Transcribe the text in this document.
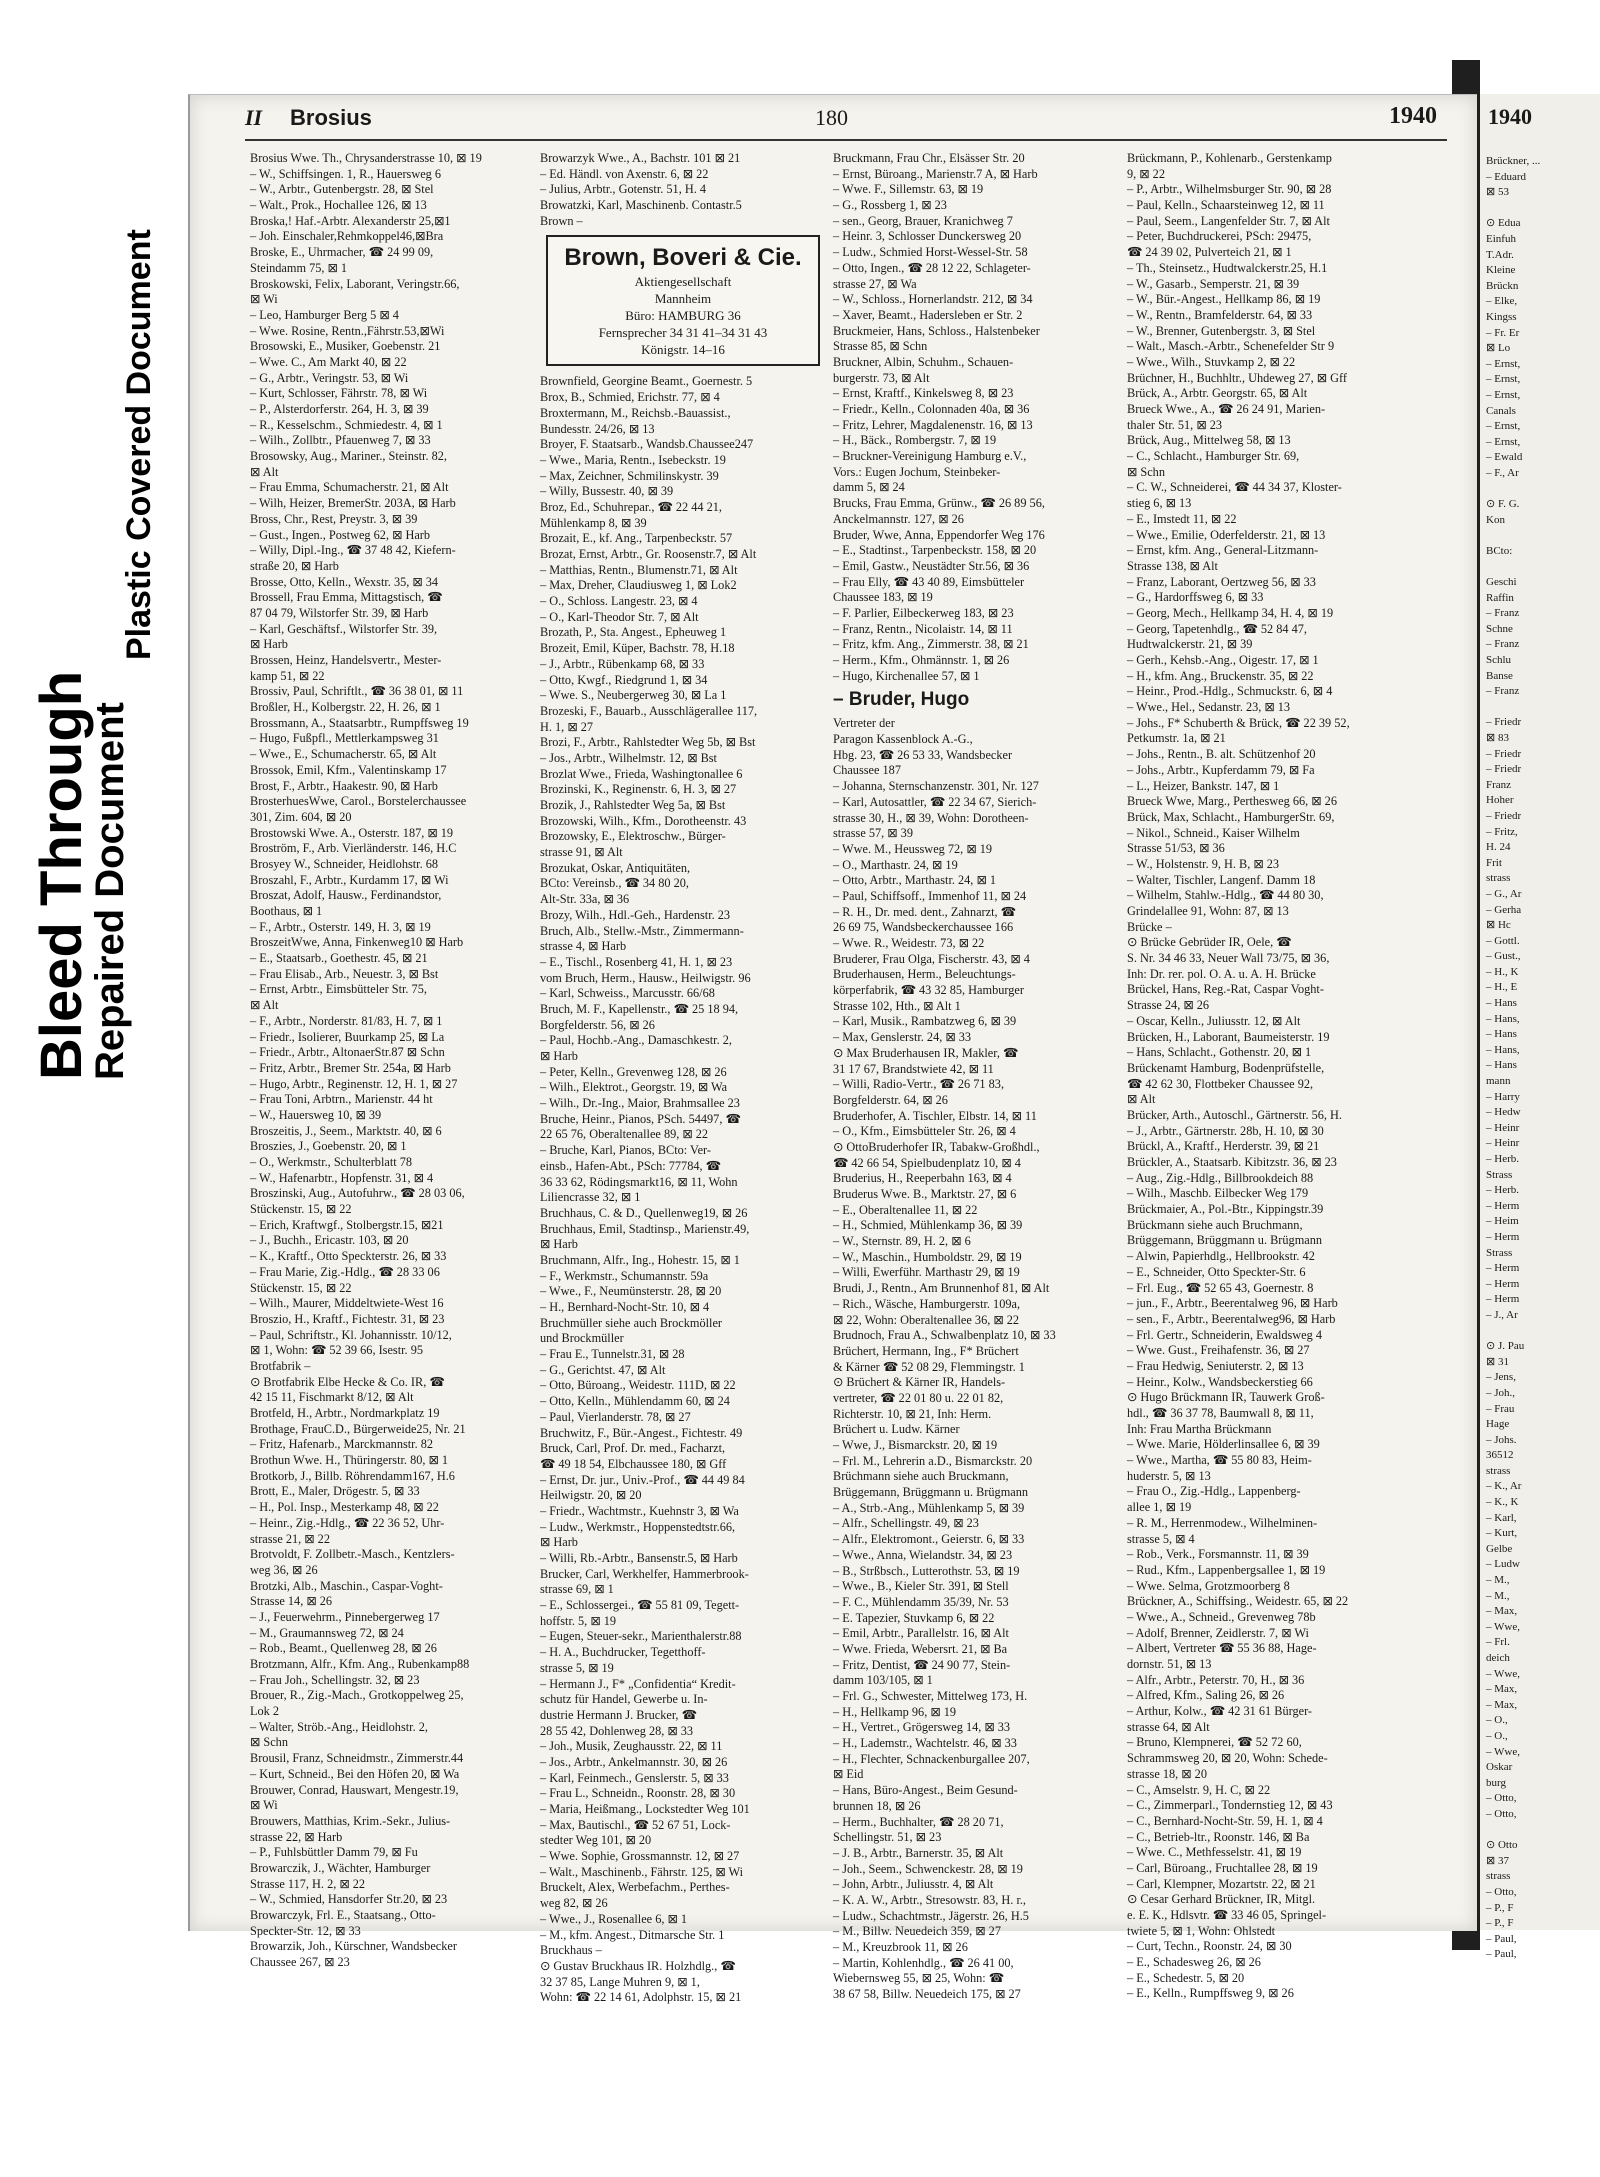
Bleed Through
Repaired Document
Plastic Covered Document
1940
Brückner, ...
– Eduard
⊠ 53
⊙ Edua
Einfuh
T.Adr.
Kleine
Brückn
– Elke,
Kingss
– Fr. Er
⊠ Lo
– Ernst,
– Ernst,
– Ernst,
Canals
– Ernst,
– Ernst,
– Ewald
– F., Ar
⊙ F. G.
Kon
BCto:
Geschi
Raffin
– Franz
Schne
– Franz
Schlu
Banse
– Franz
– Friedr
⊠ 83
– Friedr
– Friedr
Franz
Hoher
– Friedr
– Fritz,
H. 24
Frit
strass
– G., Ar
– Gerha
⊠ Hc
– Gottl.
– Gust.,
– H., K
– H., E
– Hans
– Hans,
– Hans
– Hans,
– Hans
mann
– Harry
– Hedw
– Heinr
– Heinr
– Herb.
Strass
– Herb.
– Herm
– Heim
– Herm
Strass
– Herm
– Herm
– Herm
– J., Ar
⊙ J. Pau
⊠ 31
– Jens,
– Joh.,
– Frau
Hage
– Johs.
36512
strass
– K., Ar
– K., K
– Karl,
– Kurt,
Gelbe
– Ludw
– M.,
– M.,
– Max,
– Wwe,
– Frl.
deich
– Wwe,
– Max,
– Max,
– O.,
– O.,
– Wwe,
Oskar
burg
– Otto,
– Otto,
⊙ Otto
⊠ 37
strass
– Otto,
– P., F
– P., F
– Paul,
– Paul,
II Brosius	180	1940
Brosius Wwe. Th., Chrysanderstrasse 10, ⊠ 19
– W., Schiffsingen. 1, R., Hauersweg 6
– W., Arbtr., Gutenbergstr. 28, ⊠ Stel
– Walt., Prok., Hochallee 126, ⊠ 13
Broska,! Haf.-Arbtr. Alexanderstr 25,⊠1
– Joh. Einschaler,Rehmkoppel46,⊠Bra
Broske, E., Uhrmacher, ☎ 24 99 09,
Steindamm 75, ⊠ 1
Broskowski, Felix, Laborant, Veringstr.66,
⊠ Wi
– Leo, Hamburger Berg 5 ⊠ 4
– Wwe. Rosine, Rentn.,Fährstr.53,⊠Wi
Brosowski, E., Musiker, Goebenstr. 21
– Wwe. C., Am Markt 40, ⊠ 22
– G., Arbtr., Veringstr. 53, ⊠ Wi
– Kurt, Schlosser, Fährstr. 78, ⊠ Wi
– P., Alsterdorferstr. 264, H. 3, ⊠ 39
– R., Kesselschm., Schmiedestr. 4, ⊠ 1
– Wilh., Zollbtr., Pfauenweg 7, ⊠ 33
Brosowsky, Aug., Mariner., Steinstr. 82,
⊠ Alt
– Frau Emma, Schumacherstr. 21, ⊠ Alt
– Wilh, Heizer, BremerStr. 203A, ⊠ Harb
Bross, Chr., Rest, Preystr. 3, ⊠ 39
– Gust., Ingen., Postweg 62, ⊠ Harb
– Willy, Dipl.-Ing., ☎ 37 48 42, Kiefern-
straße 20, ⊠ Harb
Brosse, Otto, Kelln., Wexstr. 35, ⊠ 34
Brossell, Frau Emma, Mittagstisch, ☎
87 04 79, Wilstorfer Str. 39, ⊠ Harb
– Karl, Geschäftsf., Wilstorfer Str. 39,
⊠ Harb
Brossen, Heinz, Handelsvertr., Mester-
kamp 51, ⊠ 22
Brossiv, Paul, Schriftlt., ☎ 36 38 01, ⊠ 11
Broßler, H., Kolbergstr. 22, H. 26, ⊠ 1
Brossmann, A., Staatsarbtr., Rumpffsweg 19
– Hugo, Fußpfl., Mettlerkampsweg 31
– Wwe., E., Schumacherstr. 65, ⊠ Alt
Brossok, Emil, Kfm., Valentinskamp 17
Brost, F., Arbtr., Haakestr. 90, ⊠ Harb
BrosterhuesWwe, Carol., Borstelerchaussee
301, Zim. 604, ⊠ 20
Brostowski Wwe. A., Osterstr. 187, ⊠ 19
Broström, F., Arb. Vierländerstr. 146, H.C
Brosyey W., Schneider, Heidlohstr. 68
Broszahl, F., Arbtr., Kurdamm 17, ⊠ Wi
Broszat, Adolf, Hausw., Ferdinandstor,
Boothaus, ⊠ 1
– F., Arbtr., Osterstr. 149, H. 3, ⊠ 19
BroszeitWwe, Anna, Finkenweg10 ⊠ Harb
– E., Staatsarb., Goethestr. 45, ⊠ 21
– Frau Elisab., Arb., Neuestr. 3, ⊠ Bst
– Ernst, Arbtr., Eimsbütteler Str. 75,
⊠ Alt
– F., Arbtr., Norderstr. 81/83, H. 7, ⊠ 1
– Friedr., Isolierer, Buurkamp 25, ⊠ La
– Friedr., Arbtr., AltonaerStr.87 ⊠ Schn
– Fritz, Arbtr., Bremer Str. 254a, ⊠ Harb
– Hugo, Arbtr., Reginenstr. 12, H. 1, ⊠ 27
– Frau Toni, Arbtrn., Marienstr. 44 ht
– W., Hauersweg 10, ⊠ 39
Broszeitis, J., Seem., Marktstr. 40, ⊠ 6
Broszies, J., Goebenstr. 20, ⊠ 1
– O., Werkmstr., Schulterblatt 78
– W., Hafenarbtr., Hopfenstr. 31, ⊠ 4
Broszinski, Aug., Autofuhrw., ☎ 28 03 06,
Stückenstr. 15, ⊠ 22
– Erich, Kraftwgf., Stolbergstr.15, ⊠21
– J., Buchh., Ericastr. 103, ⊠ 20
– K., Kraftf., Otto Speckterstr. 26, ⊠ 33
– Frau Marie, Zig.-Hdlg., ☎ 28 33 06
Stückenstr. 15, ⊠ 22
– Wilh., Maurer, Middeltwiete-West 16
Broszio, H., Kraftf., Fichtestr. 31, ⊠ 23
– Paul, Schriftstr., Kl. Johannisstr. 10/12,
⊠ 1, Wohn: ☎ 52 39 66, Isestr. 95
Brotfabrik –
⊙ Brotfabrik Elbe Hecke & Co. IR, ☎
42 15 11, Fischmarkt 8/12, ⊠ Alt
Brotfeld, H., Arbtr., Nordmarkplatz 19
Brothage, FrauC.D., Bürgerweide25, Nr. 21
– Fritz, Hafenarb., Marckmannstr. 82
Brothun Wwe. H., Thüringerstr. 80, ⊠ 1
Brotkorb, J., Billb. Röhrendamm167, H.6
Brott, E., Maler, Drögestr. 5, ⊠ 33
– H., Pol. Insp., Mesterkamp 48, ⊠ 22
– Heinr., Zig.-Hdlg., ☎ 22 36 52, Uhr-
strasse 21, ⊠ 22
Brotvoldt, F. Zollbetr.-Masch., Kentzlers-
weg 36, ⊠ 26
Brotzki, Alb., Maschin., Caspar-Voght-
Strasse 14, ⊠ 26
– J., Feuerwehrm., Pinnebergerweg 17
– M., Graumannsweg 72, ⊠ 24
– Rob., Beamt., Quellenweg 28, ⊠ 26
Brotzmann, Alfr., Kfm. Ang., Rubenkamp88
– Frau Joh., Schellingstr. 32, ⊠ 23
Brouer, R., Zig.-Mach., Grotkoppelweg 25,
Lok 2
– Walter, Ströb.-Ang., Heidlohstr. 2,
⊠ Schn
Brousil, Franz, Schneidmstr., Zimmerstr.44
– Kurt, Schneid., Bei den Höfen 20, ⊠ Wa
Brouwer, Conrad, Hauswart, Mengestr.19,
⊠ Wi
Brouwers, Matthias, Krim.-Sekr., Julius-
strasse 22, ⊠ Harb
– P., Fuhlsbüttler Damm 79, ⊠ Fu
Browarczik, J., Wächter, Hamburger
Strasse 117, H. 2, ⊠ 22
– W., Schmied, Hansdorfer Str.20, ⊠ 23
Browarczyk, Frl. E., Staatsang., Otto-
Speckter-Str. 12, ⊠ 33
Browarzik, Joh., Kürschner, Wandsbecker
Chaussee 267, ⊠ 23
Browarzyk Wwe., A., Bachstr. 101 ⊠ 21
– Ed. Händl. von Axenstr. 6, ⊠ 22
– Julius, Arbtr., Gotenstr. 51, H. 4
Browatzki, Karl, Maschinenb. Contastr.5
Brown –
Brown, Boveri & Cie.
Aktiengesellschaft
Mannheim
Büro: HAMBURG 36
Fernsprecher 34 31 41–34 31 43
Königstr. 14–16
Brownfield, Georgine Beamt., Goernestr. 5
Brox, B., Schmied, Erichstr. 77, ⊠ 4
Broxtermann, M., Reichsb.-Bauassist.,
Bundesstr. 24/26, ⊠ 13
Broyer, F. Staatsarb., Wandsb.Chaussee247
– Wwe., Maria, Rentn., Isebeckstr. 19
– Max, Zeichner, Schmilinskystr. 39
– Willy, Bussestr. 40, ⊠ 39
Broz, Ed., Schuhrepar., ☎ 22 44 21,
Mühlenkamp 8, ⊠ 39
Brozait, E., kf. Ang., Tarpenbeckstr. 57
Brozat, Ernst, Arbtr., Gr. Roosenstr.7, ⊠ Alt
– Matthias, Rentn., Blumenstr.71, ⊠ Alt
– Max, Dreher, Claudiusweg 1, ⊠ Lok2
– O., Schloss. Langestr. 23, ⊠ 4
– O., Karl-Theodor Str. 7, ⊠ Alt
Brozath, P., Sta. Angest., Epheuweg 1
Brozeit, Emil, Küper, Bachstr. 78, H.18
– J., Arbtr., Rübenkamp 68, ⊠ 33
– Otto, Kwgf., Riedgrund 1, ⊠ 34
– Wwe. S., Neubergerweg 30, ⊠ La 1
Brozeski, F., Bauarb., Ausschlägerallee 117,
H. 1, ⊠ 27
Brozi, F., Arbtr., Rahlstedter Weg 5b, ⊠ Bst
– Jos., Arbtr., Wilhelmstr. 12, ⊠ Bst
Brozlat Wwe., Frieda, Washingtonallee 6
Brozinski, K., Reginenstr. 6, H. 3, ⊠ 27
Brozik, J., Rahlstedter Weg 5a, ⊠ Bst
Brozowski, Wilh., Kfm., Dorotheenstr. 43
Brozowsky, E., Elektroschw., Bürger-
strasse 91, ⊠ Alt
Brozukat, Oskar, Antiquitäten,
BCto: Vereinsb., ☎ 34 80 20,
Alt-Str. 33a, ⊠ 36
Brozy, Wilh., Hdl.-Geh., Hardenstr. 23
Bruch, Alb., Stellw.-Mstr., Zimmermann-
strasse 4, ⊠ Harb
– E., Tischl., Rosenberg 41, H. 1, ⊠ 23
vom Bruch, Herm., Hausw., Heilwigstr. 96
– Karl, Schweiss., Marcusstr. 66/68
Bruch, M. F., Kapellenstr., ☎ 25 18 94,
Borgfelderstr. 56, ⊠ 26
– Paul, Hochb.-Ang., Damaschkestr. 2,
⊠ Harb
– Peter, Kelln., Grevenweg 128, ⊠ 26
– Wilh., Elektrot., Georgstr. 19, ⊠ Wa
– Wilh., Dr.-Ing., Maior, Brahmsallee 23
Bruche, Heinr., Pianos, PSch. 54497, ☎
22 65 76, Oberaltenallee 89, ⊠ 22
– Bruche, Karl, Pianos, BCto: Ver-
einsb., Hafen-Abt., PSch: 77784, ☎
36 33 62, Rödingsmarkt16, ⊠ 11, Wohn
Liliencrasse 32, ⊠ 1
Bruchhaus, C. & D., Quellenweg19, ⊠ 26
Bruchhaus, Emil, Stadtinsp., Marienstr.49,
⊠ Harb
Bruchmann, Alfr., Ing., Hohestr. 15, ⊠ 1
– F., Werkmstr., Schumannstr. 59a
– Wwe., F., Neumünsterstr. 28, ⊠ 20
– H., Bernhard-Nocht-Str. 10, ⊠ 4
Bruchmüller siehe auch Brockmöller
und Brockmüller
– Frau E., Tunnelstr.31, ⊠ 28
– G., Gerichtst. 47, ⊠ Alt
– Otto, Büroang., Weidestr. 111D, ⊠ 22
– Otto, Kelln., Mühlendamm 60, ⊠ 24
– Paul, Vierlanderstr. 78, ⊠ 27
Bruchwitz, F., Bür.-Angest., Fichtestr. 49
Bruck, Carl, Prof. Dr. med., Facharzt,
☎ 49 18 54, Elbchaussee 180, ⊠ Gff
– Ernst, Dr. jur., Univ.-Prof., ☎ 44 49 84
Heilwigstr. 20, ⊠ 20
– Friedr., Wachtmstr., Kuehnstr 3, ⊠ Wa
– Ludw., Werkmstr., Hoppenstedtstr.66,
⊠ Harb
– Willi, Rb.-Arbtr., Bansenstr.5, ⊠ Harb
Brucker, Carl, Werkhelfer, Hammerbrook-
strasse 69, ⊠ 1
– E., Schlossergei., ☎ 55 81 09, Tegett-
hoffstr. 5, ⊠ 19
– Eugen, Steuer-sekr., Marienthalerstr.88
– H. A., Buchdrucker, Tegetthoff-
strasse 5, ⊠ 19
– Hermann J., F* „Confidentia“ Kredit-
schutz für Handel, Gewerbe u. In-
dustrie Hermann J. Brucker, ☎
28 55 42, Dohlenweg 28, ⊠ 33
– Joh., Musik, Zeughausstr. 22, ⊠ 11
– Jos., Arbtr., Ankelmannstr. 30, ⊠ 26
– Karl, Feinmech., Genslerstr. 5, ⊠ 33
– Frau L., Schneidn., Roonstr. 28, ⊠ 30
– Maria, Heißmang., Lockstedter Weg 101
– Max, Bautischl., ☎ 52 67 51, Lock-
stedter Weg 101, ⊠ 20
– Wwe. Sophie, Grossmannstr. 12, ⊠ 27
– Walt., Maschinenb., Fährstr. 125, ⊠ Wi
Bruckelt, Alex, Werbefachm., Perthes-
weg 82, ⊠ 26
– Wwe., J., Rosenallee 6, ⊠ 1
– M., kfm. Angest., Ditmarsche Str. 1
Bruckhaus –
⊙ Gustav Bruckhaus IR. Holzhdlg., ☎
32 37 85, Lange Muhren 9, ⊠ 1,
Wohn: ☎ 22 14 61, Adolphstr. 15, ⊠ 21
Bruckmann, Frau Chr., Elsässer Str. 20
– Ernst, Büroang., Marienstr.7 A, ⊠ Harb
– Wwe. F., Sillemstr. 63, ⊠ 19
– G., Rossberg 1, ⊠ 23
– sen., Georg, Brauer, Kranichweg 7
– Heinr. 3, Schlosser Dunckersweg 20
– Ludw., Schmied Horst-Wessel-Str. 58
– Otto, Ingen., ☎ 28 12 22, Schlageter-
strasse 27, ⊠ Wa
– W., Schloss., Hornerlandstr. 212, ⊠ 34
– Xaver, Beamt., Hadersleben er Str. 2
Bruckmeier, Hans, Schloss., Halstenbeker
Strasse 85, ⊠ Schn
Bruckner, Albin, Schuhm., Schauen-
burgerstr. 73, ⊠ Alt
– Ernst, Kraftf., Kinkelsweg 8, ⊠ 23
– Friedr., Kelln., Colonnaden 40a, ⊠ 36
– Fritz, Lehrer, Magdalenenstr. 16, ⊠ 13
– H., Bäck., Rombergstr. 7, ⊠ 19
– Bruckner-Vereinigung Hamburg e.V.,
Vors.: Eugen Jochum, Steinbeker-
damm 5, ⊠ 24
Brucks, Frau Emma, Grünw., ☎ 26 89 56,
Anckelmannstr. 127, ⊠ 26
Bruder, Wwe, Anna, Eppendorfer Weg 176
– E., Stadtinst., Tarpenbeckstr. 158, ⊠ 20
– Emil, Gastw., Neustädter Str.56, ⊠ 36
– Frau Elly, ☎ 43 40 89, Eimsbütteler
Chaussee 183, ⊠ 19
– F. Parlier, Eilbeckerweg 183, ⊠ 23
– Franz, Rentn., Nicolaistr. 14, ⊠ 11
– Fritz, kfm. Ang., Zimmerstr. 38, ⊠ 21
– Herm., Kfm., Ohmännstr. 1, ⊠ 26
– Hugo, Kirchenallee 57, ⊠ 1
– Bruder, Hugo
Vertreter der
Paragon Kassenblock A.-G.,
Hbg. 23, ☎ 26 53 33, Wandsbecker
Chaussee 187
– Johanna, Sternschanzenstr. 301, Nr. 127
– Karl, Autosattler, ☎ 22 34 67, Sierich-
strasse 30, H., ⊠ 39, Wohn: Dorotheen-
strasse 57, ⊠ 39
– Wwe. M., Heussweg 72, ⊠ 19
– O., Marthastr. 24, ⊠ 19
– Otto, Arbtr., Marthastr. 24, ⊠ 1
– Paul, Schiffsoff., Immenhof 11, ⊠ 24
– R. H., Dr. med. dent., Zahnarzt, ☎
26 69 75, Wandsbeckerchaussee 166
– Wwe. R., Weidestr. 73, ⊠ 22
Bruderer, Frau Olga, Fischerstr. 43, ⊠ 4
Bruderhausen, Herm., Beleuchtungs-
körperfabrik, ☎ 43 32 85, Hamburger
Strasse 102, Hth., ⊠ Alt 1
– Karl, Musik., Rambatzweg 6, ⊠ 39
– Max, Genslerstr. 24, ⊠ 33
⊙ Max Bruderhausen IR, Makler, ☎
31 17 67, Brandstwiete 42, ⊠ 11
– Willi, Radio-Vertr., ☎ 26 71 83,
Borgfelderstr. 64, ⊠ 26
Bruderhofer, A. Tischler, Elbstr. 14, ⊠ 11
– O., Kfm., Eimsbütteler Str. 26, ⊠ 4
⊙ OttoBruderhofer IR, Tabakw-Großhdl.,
☎ 42 66 54, Spielbudenplatz 10, ⊠ 4
Bruderius, H., Reeperbahn 163, ⊠ 4
Bruderus Wwe. B., Marktstr. 27, ⊠ 6
– E., Oberaltenallee 11, ⊠ 22
– H., Schmied, Mühlenkamp 36, ⊠ 39
– W., Sternstr. 89, H. 2, ⊠ 6
– W., Maschin., Humboldstr. 29, ⊠ 19
– Willi, Ewerführ. Marthastr 29, ⊠ 19
Brudi, J., Rentn., Am Brunnenhof 81, ⊠ Alt
– Rich., Wäsche, Hamburgerstr. 109a,
⊠ 22, Wohn: Oberaltenallee 36, ⊠ 22
Brudnoch, Frau A., Schwalbenplatz 10, ⊠ 33
Brüchert, Hermann, Ing., F* Brüchert
& Kärner ☎ 52 08 29, Flemmingstr. 1
⊙ Brüchert & Kärner IR, Handels-
vertreter, ☎ 22 01 80 u. 22 01 82,
Richterstr. 10, ⊠ 21, Inh: Herm.
Brüchert u. Ludw. Kärner
– Wwe, J., Bismarckstr. 20, ⊠ 19
– Frl. M., Lehrerin a.D., Bismarckstr. 20
Brüchmann siehe auch Bruckmann,
Brüggemann, Brüggmann u. Brügmann
– A., Strb.-Ang., Mühlenkamp 5, ⊠ 39
– Alfr., Schellingstr. 49, ⊠ 23
– Alfr., Elektromont., Geierstr. 6, ⊠ 33
– Wwe., Anna, Wielandstr. 34, ⊠ 23
– B., Strßbsch., Lutterothstr. 53, ⊠ 19
– Wwe., B., Kieler Str. 391, ⊠ Stell
– F. C., Mühlendamm 35/39, Nr. 53
– E. Tapezier, Stuvkamp 6, ⊠ 22
– Emil, Arbtr., Parallelstr. 16, ⊠ Alt
– Wwe. Frieda, Webersrt. 21, ⊠ Ba
– Fritz, Dentist, ☎ 24 90 77, Stein-
damm 103/105, ⊠ 1
– Frl. G., Schwester, Mittelweg 173, H.
– H., Hellkamp 96, ⊠ 19
– H., Vertret., Grögersweg 14, ⊠ 33
– H., Lademstr., Wachtelstr. 46, ⊠ 33
– H., Flechter, Schnackenburgallee 207,
⊠ Eid
– Hans, Büro-Angest., Beim Gesund-
brunnen 18, ⊠ 26
– Herm., Buchhalter, ☎ 28 20 71,
Schellingstr. 51, ⊠ 23
– J. B., Arbtr., Barnerstr. 35, ⊠ Alt
– Joh., Seem., Schwenckestr. 28, ⊠ 19
– John, Arbtr., Juliusstr. 4, ⊠ Alt
– K. A. W., Arbtr., Stresowstr. 83, H. r.,
– Ludw., Schachtmstr., Jägerstr. 26, H.5
– M., Billw. Neuedeich 359, ⊠ 27
– M., Kreuzbrook 11, ⊠ 26
– Martin, Kohlenhdlg., ☎ 26 41 00,
Wiebernsweg 55, ⊠ 25, Wohn: ☎
38 67 58, Billw. Neuedeich 175, ⊠ 27
Brückmann, P., Kohlenarb., Gerstenkamp
9, ⊠ 22
– P., Arbtr., Wilhelmsburger Str. 90, ⊠ 28
– Paul, Kelln., Schaarsteinweg 12, ⊠ 11
– Paul, Seem., Langenfelder Str. 7, ⊠ Alt
– Peter, Buchdruckerei, PSch: 29475,
☎ 24 39 02, Pulverteich 21, ⊠ 1
– Th., Steinsetz., Hudtwalckerstr.25, H.1
– W., Gasarb., Semperstr. 21, ⊠ 39
– W., Bür.-Angest., Hellkamp 86, ⊠ 19
– W., Rentn., Bramfelderstr. 64, ⊠ 33
– W., Brenner, Gutenbergstr. 3, ⊠ Stel
– Walt., Masch.-Arbtr., Schenefelder Str 9
– Wwe., Wilh., Stuvkamp 2, ⊠ 22
Brüchner, H., Buchhltr., Uhdeweg 27, ⊠ Gff
Brück, A., Arbtr. Georgstr. 65, ⊠ Alt
Brueck Wwe., A., ☎ 26 24 91, Marien-
thaler Str. 51, ⊠ 23
Brück, Aug., Mittelweg 58, ⊠ 13
– C., Schlacht., Hamburger Str. 69,
⊠ Schn
– C. W., Schneiderei, ☎ 44 34 37, Kloster-
stieg 6, ⊠ 13
– E., Imstedt 11, ⊠ 22
– Wwe., Emilie, Oderfelderstr. 21, ⊠ 13
– Ernst, kfm. Ang., General-Litzmann-
Strasse 138, ⊠ Alt
– Franz, Laborant, Oertzweg 56, ⊠ 33
– G., Hardorffsweg 6, ⊠ 33
– Georg, Mech., Hellkamp 34, H. 4, ⊠ 19
– Georg, Tapetenhdlg., ☎ 52 84 47,
Hudtwalckerstr. 21, ⊠ 39
– Gerh., Kehsb.-Ang., Oigestr. 17, ⊠ 1
– H., kfm. Ang., Bruckenstr. 35, ⊠ 22
– Heinr., Prod.-Hdlg., Schmuckstr. 6, ⊠ 4
– Wwe., Hel., Sedanstr. 23, ⊠ 13
– Johs., F* Schuberth & Brück, ☎ 22 39 52,
Petkumstr. 1a, ⊠ 21
– Johs., Rentn., B. alt. Schützenhof 20
– Johs., Arbtr., Kupferdamm 79, ⊠ Fa
– L., Heizer, Bankstr. 147, ⊠ 1
Brueck Wwe, Marg., Perthesweg 66, ⊠ 26
Brück, Max, Schlacht., HamburgerStr. 69,
– Nikol., Schneid., Kaiser Wilhelm
Strasse 51/53, ⊠ 36
– W., Holstenstr. 9, H. B, ⊠ 23
– Walter, Tischler, Langenf. Damm 18
– Wilhelm, Stahlw.-Hdlg., ☎ 44 80 30,
Grindelallee 91, Wohn: 87, ⊠ 13
Brücke –
⊙ Brücke Gebrüder IR, Oele, ☎
S. Nr. 34 46 33, Neuer Wall 73/75, ⊠ 36,
Inh: Dr. rer. pol. O. A. u. A. H. Brücke
Brückel, Hans, Reg.-Rat, Caspar Voght-
Strasse 24, ⊠ 26
– Oscar, Kelln., Juliusstr. 12, ⊠ Alt
Brücken, H., Laborant, Baumeisterstr. 19
– Hans, Schlacht., Gothenstr. 20, ⊠ 1
Brückenamt Hamburg, Bodenprüfstelle,
☎ 42 62 30, Flottbeker Chaussee 92,
⊠ Alt
Brücker, Arth., Autoschl., Gärtnerstr. 56, H.
– J., Arbtr., Gärtnerstr. 28b, H. 10, ⊠ 30
Brückl, A., Kraftf., Herderstr. 39, ⊠ 21
Brückler, A., Staatsarb. Kibitzstr. 36, ⊠ 23
– Aug., Zig.-Hdlg., Billbrookdeich 88
– Wilh., Maschb. Eilbecker Weg 179
Brückmaier, A., Pol.-Btr., Kippingstr.39
Brückmann siehe auch Bruchmann,
Brüggemann, Brüggmann u. Brügmann
– Alwin, Papierhdlg., Hellbrookstr. 42
– E., Schneider, Otto Speckter-Str. 6
– Frl. Eug., ☎ 52 65 43, Goernestr. 8
– jun., F., Arbtr., Beerentalweg 96, ⊠ Harb
– sen., F., Arbtr., Beerentalweg96, ⊠ Harb
– Frl. Gertr., Schneiderin, Ewaldsweg 4
– Wwe. Gust., Freihafenstr. 36, ⊠ 27
– Frau Hedwig, Seniuterstr. 2, ⊠ 13
– Heinr., Kolw., Wandsbeckerstieg 66
⊙ Hugo Brückmann IR, Tauwerk Groß-
hdl., ☎ 36 37 78, Baumwall 8, ⊠ 11,
Inh: Frau Martha Brückmann
– Wwe. Marie, Hölderlinsallee 6, ⊠ 39
– Wwe., Martha, ☎ 55 80 83, Heim-
huderstr. 5, ⊠ 13
– Frau O., Zig.-Hdlg., Lappenberg-
allee 1, ⊠ 19
– R. M., Herrenmodew., Wilhelminen-
strasse 5, ⊠ 4
– Rob., Verk., Forsmannstr. 11, ⊠ 39
– Rud., Kfm., Lappenbergsallee 1, ⊠ 19
– Wwe. Selma, Grotzmoorberg 8
Brückner, A., Schiffsing., Weidestr. 65, ⊠ 22
– Wwe., A., Schneid., Grevenweg 78b
– Adolf, Brenner, Zeidlerstr. 7, ⊠ Wi
– Albert, Vertreter ☎ 55 36 88, Hage-
dornstr. 51, ⊠ 13
– Alfr., Arbtr., Peterstr. 70, H., ⊠ 36
– Alfred, Kfm., Saling 26, ⊠ 26
– Arthur, Kolw., ☎ 42 31 61 Bürger-
strasse 64, ⊠ Alt
– Bruno, Klempnerei, ☎ 52 72 60,
Schrammsweg 20, ⊠ 20, Wohn: Schede-
strasse 18, ⊠ 20
– C., Amselstr. 9, H. C, ⊠ 22
– C., Zimmerparl., Tondernstieg 12, ⊠ 43
– C., Bernhard-Nocht-Str. 59, H. 1, ⊠ 4
– C., Betrieb-ltr., Roonstr. 146, ⊠ Ba
– Wwe. C., Methfesselstr. 41, ⊠ 19
– Carl, Büroang., Fruchtallee 28, ⊠ 19
– Carl, Klempner, Mozartstr. 22, ⊠ 21
⊙ Cesar Gerhard Brückner, IR, Mitgl.
e. E. K., Hdlsvtr. ☎ 33 46 05, Springel-
twiete 5, ⊠ 1, Wohn: Ohlstedt
– Curt, Techn., Roonstr. 24, ⊠ 30
– E., Schadesweg 26, ⊠ 26
– E., Schedestr. 5, ⊠ 20
– E., Kelln., Rumpffsweg 9, ⊠ 26
